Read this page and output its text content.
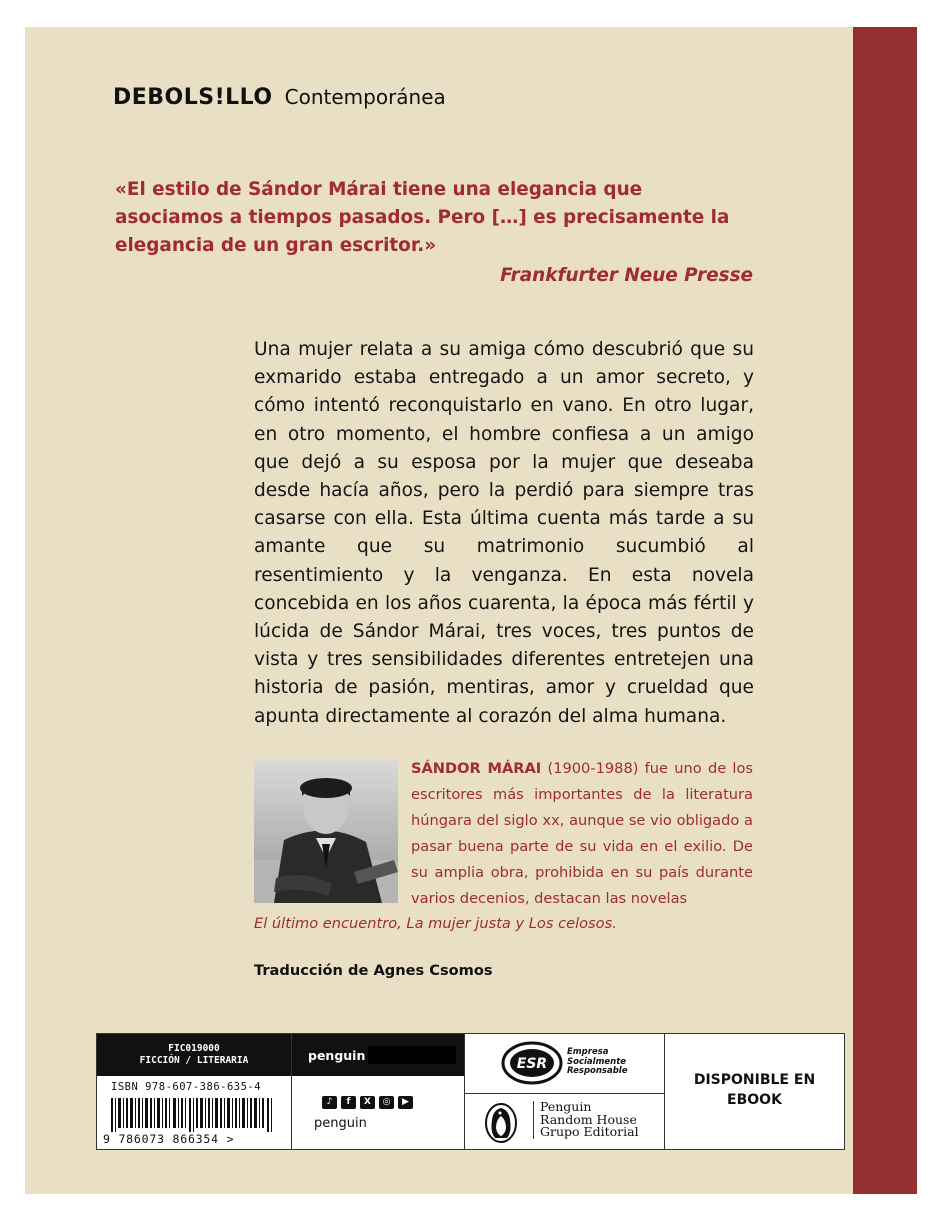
DEBOLS!LLO Contemporánea
«El estilo de Sándor Márai tiene una elegancia que asociamos a tiempos pasados. Pero […] es precisamente la elegancia de un gran escritor.»
Frankfurter Neue Presse

Una mujer relata a su amiga cómo descubrió que su exmarido estaba entregado a un amor secreto, y cómo intentó reconquistarlo en vano. En otro lugar, en otro momento, el hombre confiesa a un amigo que dejó a su esposa por la mujer que deseaba desde hacía años, pero la perdió para siempre tras casarse con ella. Esta última cuenta más tarde a su amante que su matrimonio sucumbió al resentimiento y la venganza. En esta novela concebida en los años cuarenta, la época más fértil y lúcida de Sándor Márai, tres voces, tres puntos de vista y tres sensibilidades diferentes entretejen una historia de pasión, mentiras, amor y crueldad que apunta directamente al corazón del alma humana.

SÁNDOR MÁRAI (1900-1988) fue uno de los escritores más importantes de la literatura húngara del siglo xx, aunque se vio obligado a pasar buena parte de su vida en el exilio. De su amplia obra, prohibida en su país durante varios decenios, destacan las novelas
El último encuentro, La mujer justa y Los celosos.
Traducción de Agnes Csomos
FIC019000
FICCIÓN / LITERARIA
ISBN 978-607-386-635-4
9 786073 866354 >
penguin
♪	f	X	◎	▶
penguin
ESR
Empresa
Socialmente
Responsable
Penguin
Random House
Grupo Editorial
DISPONIBLE EN
EBOOK
